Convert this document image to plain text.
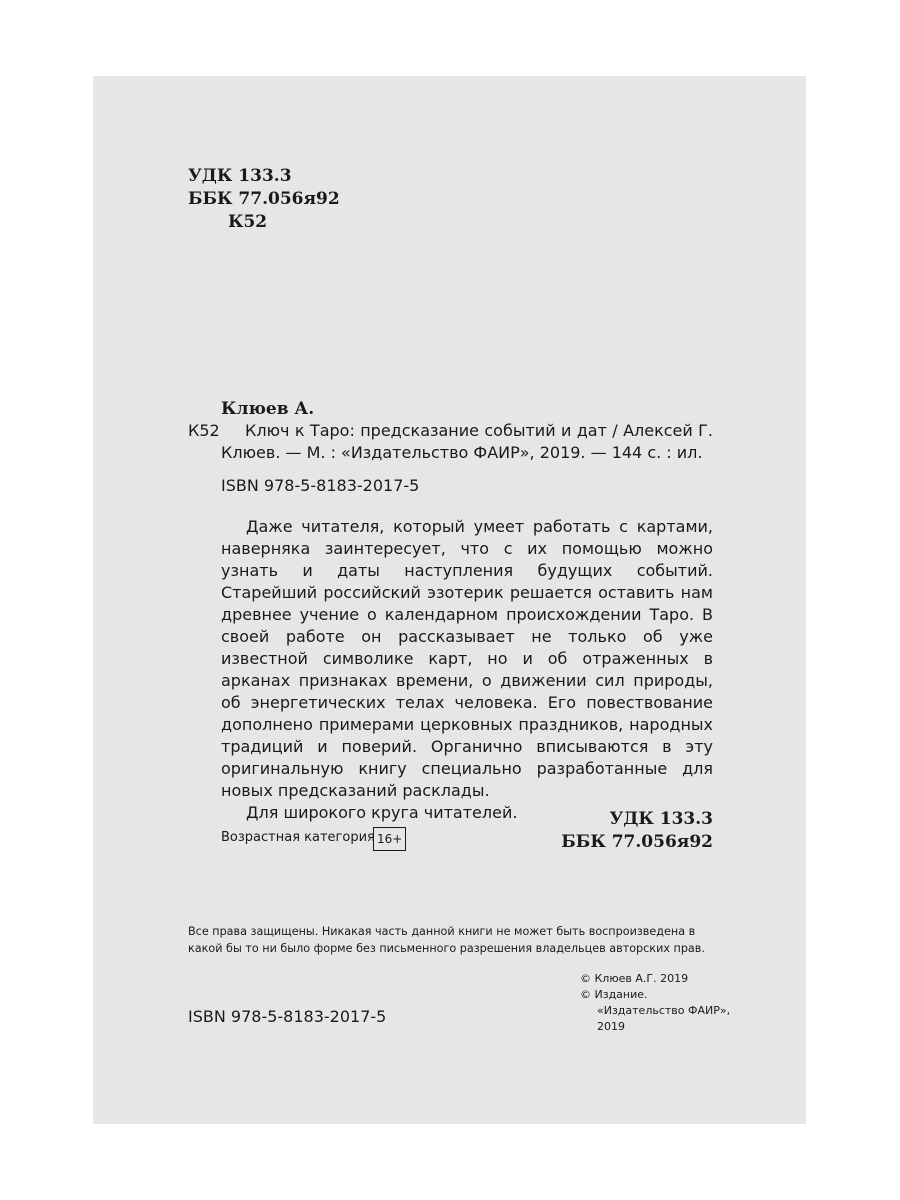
УДК 133.3
ББК 77.056я92
К52
Клюев А.
К52	Ключ к Таро: предсказание событий и дат / Алексей Г. Клюев. — М. : «Издательство ФАИР», 2019. — 144 с. : ил.
ISBN 978-5-8183-2017-5

Даже читателя, который умеет работать с картами, наверняка заинтересует, что с их помощью можно узнать и даты наступления будущих событий. Старейший российский эзотерик решается оставить нам древнее учение о календарном происхождении Таро. В своей работе он рассказывает не только об уже известной символике карт, но и об отраженных в арканах признаках времени, о движении сил природы, об энергетических телах человека. Его повествование дополнено примерами церковных праздников, народных традиций и поверий. Органично вписываются в эту оригинальную книгу специально разработанные для новых предсказаний расклады.

Для широкого круга читателей.	УДК 133.3
ББК 77.056я92
Возрастная категория 16+
Все права защищены. Никакая часть данной книги не может быть воспроизведена в какой бы то ни было форме без письменного разрешения владельцев авторских прав.
© Клюев А.Г. 2019
© Издание.
«Издательство ФАИР»,
2019
ISBN 978-5-8183-2017-5
